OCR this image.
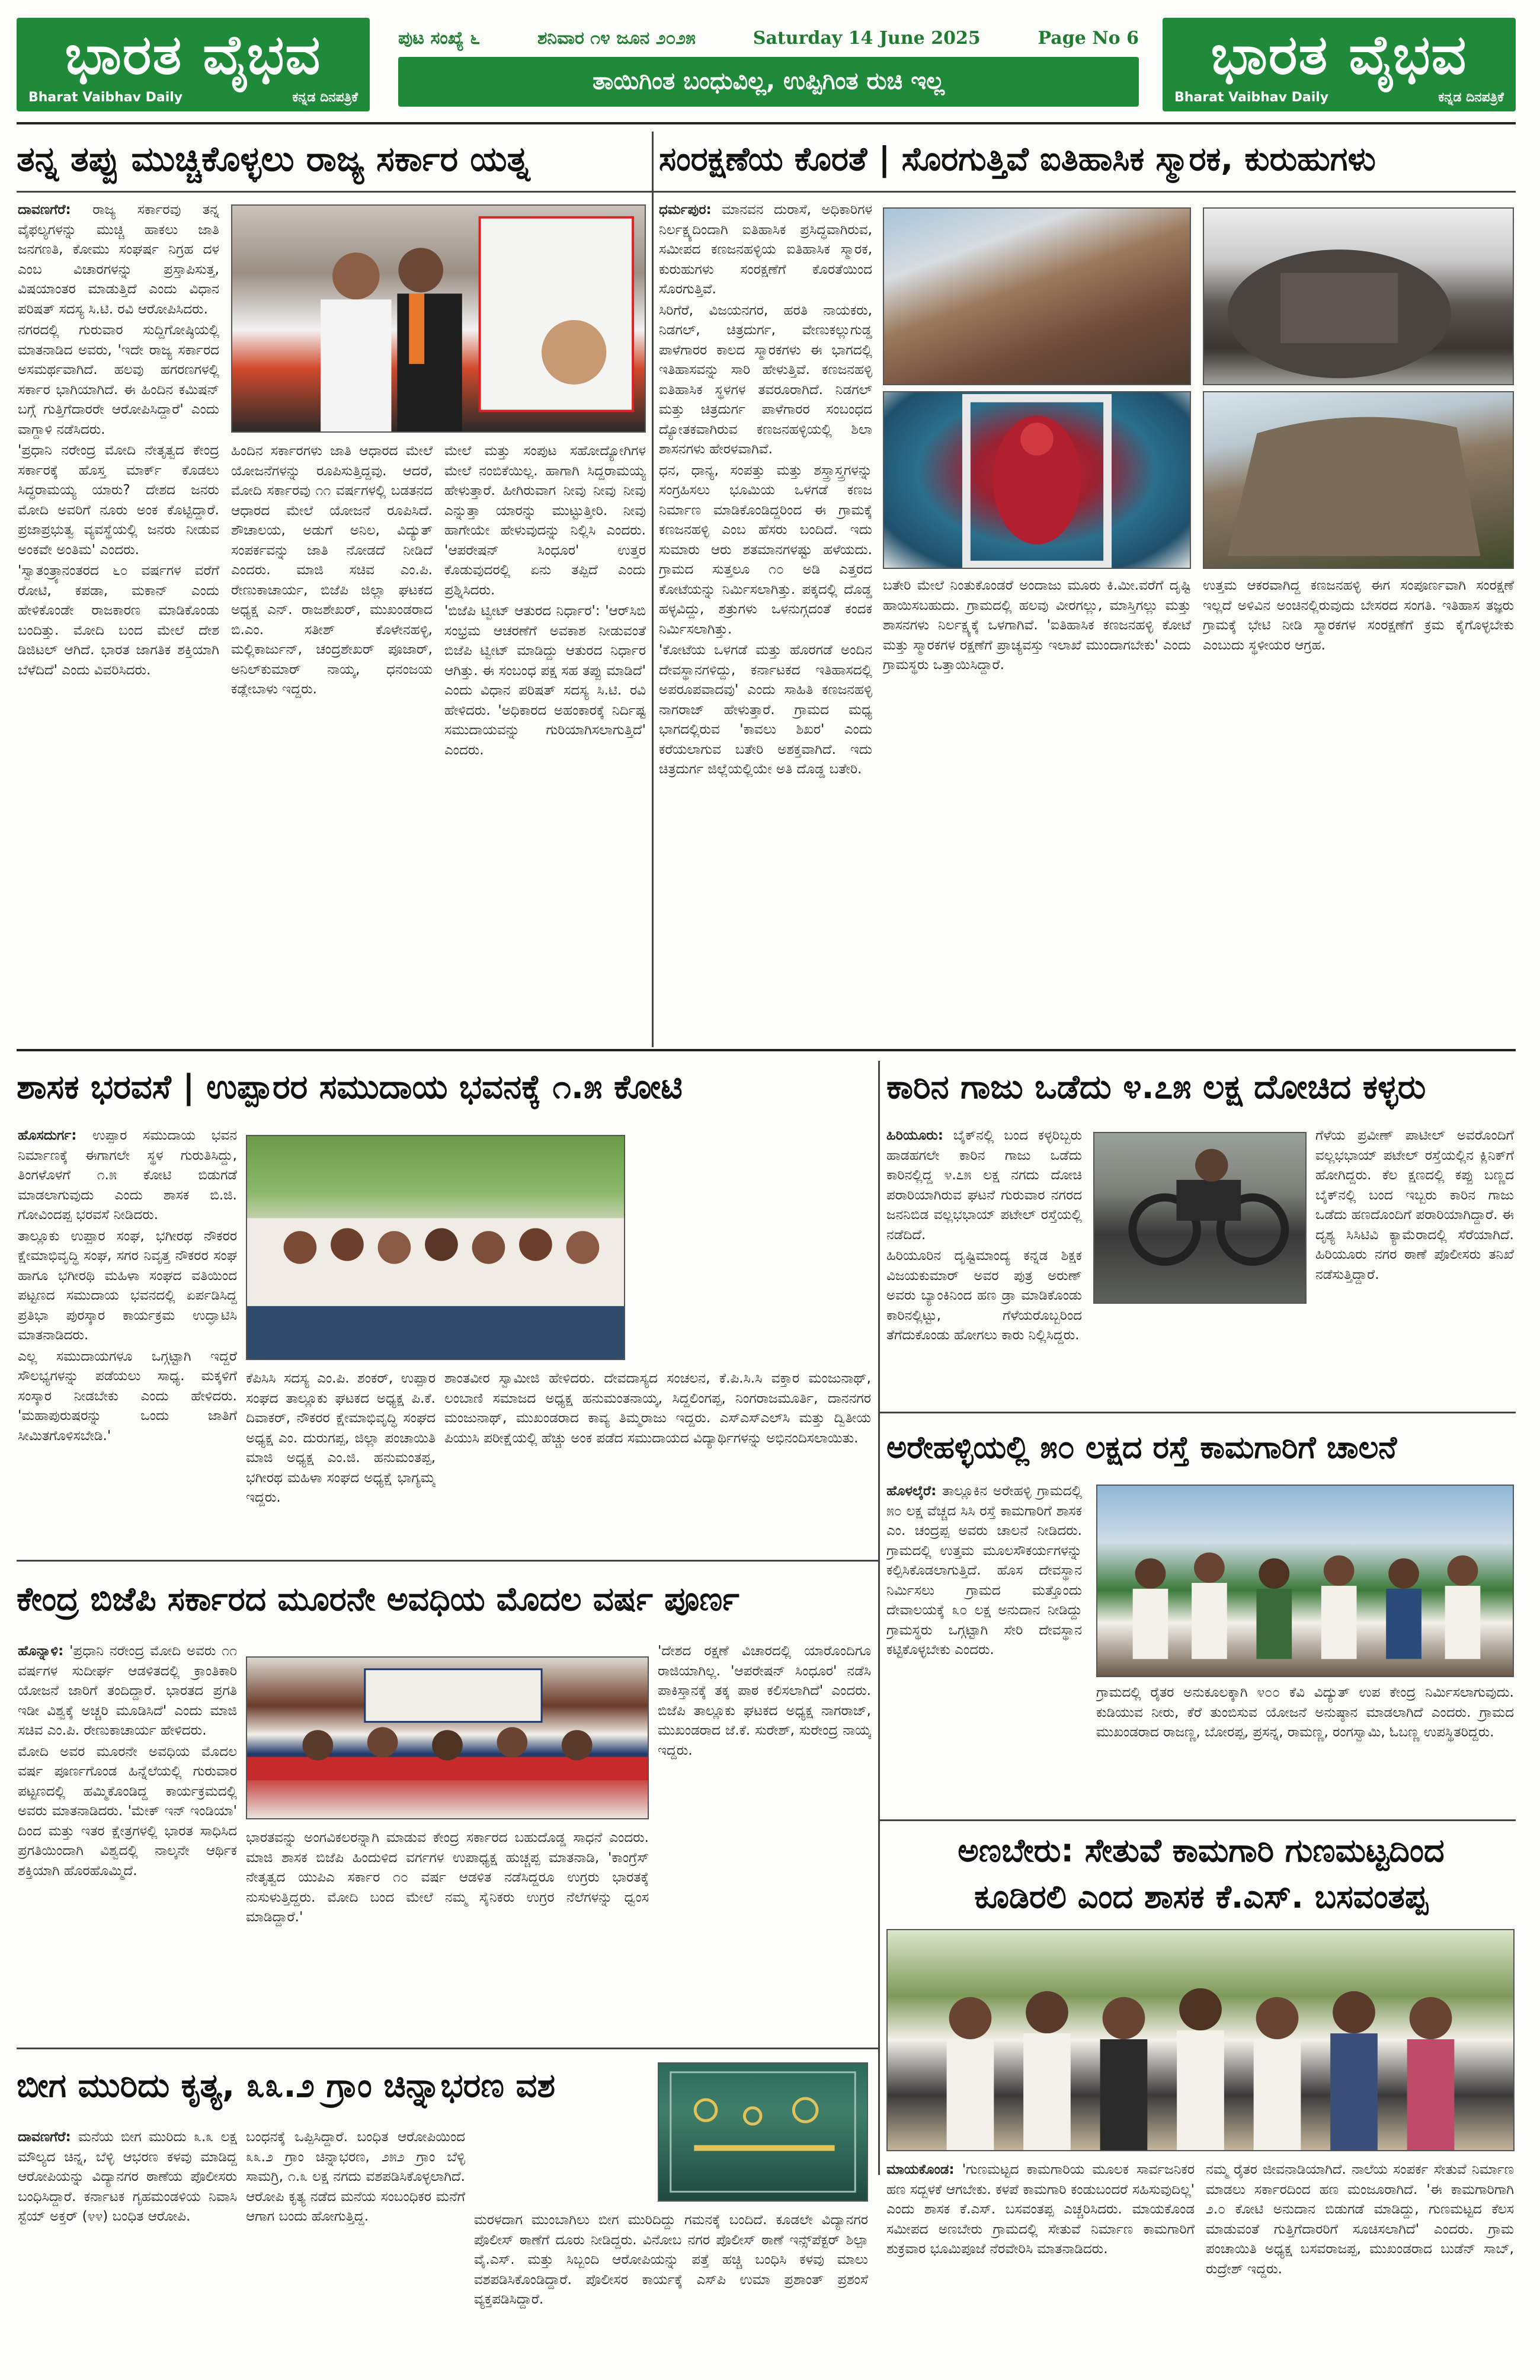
ಭಾರತ ವೈಭವ
Bharat Vaibhav Daily	ಕನ್ನಡ ದಿನಪತ್ರಿಕೆ
ಪುಟ ಸಂಖ್ಯೆ ೬	ಶನಿವಾರ ೧೪ ಜೂನ ೨೦೨೫	Saturday 14 June 2025	Page No 6
ತಾಯಿಗಿಂತ ಬಂಧುವಿಲ್ಲ, ಉಪ್ಪಿಗಿಂತ ರುಚಿ ಇಲ್ಲ	ಭಾರತ ವೈಭವ
Bharat Vaibhav Daily	ಕನ್ನಡ ದಿನಪತ್ರಿಕೆ
ತನ್ನ ತಪ್ಪು ಮುಚ್ಚಿಕೊಳ್ಳಲು ರಾಜ್ಯ ಸರ್ಕಾರ ಯತ್ನ	ಸಂರಕ್ಷಣೆಯ ಕೊರತೆ | ಸೊರಗುತ್ತಿವೆ ಐತಿಹಾಸಿಕ ಸ್ಮಾರಕ, ಕುರುಹುಗಳು

ದಾವಣಗೆರೆ: ರಾಜ್ಯ ಸರ್ಕಾರವು ತನ್ನ ವೈಫಲ್ಯಗಳನ್ನು ಮುಚ್ಚಿ ಹಾಕಲು ಜಾತಿ ಜನಗಣತಿ, ಕೋಮು ಸಂಘರ್ಷ ನಿಗ್ರಹ ದಳ ಎಂಬ ವಿಚಾರಗಳನ್ನು ಪ್ರಸ್ತಾಪಿಸುತ್ತ, ವಿಷಯಾಂತರ ಮಾಡುತ್ತಿದೆ ಎಂದು ವಿಧಾನ ಪರಿಷತ್ ಸದಸ್ಯ ಸಿ.ಟಿ. ರವಿ ಆರೋಪಿಸಿದರು.

ನಗರದಲ್ಲಿ ಗುರುವಾರ ಸುದ್ದಿಗೋಷ್ಠಿಯಲ್ಲಿ ಮಾತನಾಡಿದ ಅವರು, 'ಇದೇ ರಾಜ್ಯ ಸರ್ಕಾರದ ಅಸಮರ್ಥವಾಗಿದೆ. ಹಲವು ಹಗರಣಗಳಲ್ಲಿ ಸರ್ಕಾರ ಭಾಗಿಯಾಗಿದೆ. ಈ ಹಿಂದಿನ ಕಮಿಷನ್ ಬಗ್ಗೆ ಗುತ್ತಿಗೆದಾರರೇ ಆರೋಪಿಸಿದ್ದಾರೆ' ಎಂದು ವಾಗ್ದಾಳಿ ನಡೆಸಿದರು.

'ಪ್ರಧಾನಿ ನರೇಂದ್ರ ಮೋದಿ ನೇತೃತ್ವದ ಕೇಂದ್ರ ಸರ್ಕಾರಕ್ಕೆ ಹೊಸ್ತ ಮಾರ್ಕ್ ಕೊಡಲು ಸಿದ್ಧರಾಮಯ್ಯ ಯಾರು? ದೇಶದ ಜನರು ಮೋದಿ ಅವರಿಗೆ ನೂರು ಅಂಕ ಕೊಟ್ಟಿದ್ದಾರೆ. ಪ್ರಜಾಪ್ರಭುತ್ವ ವ್ಯವಸ್ಥೆಯಲ್ಲಿ ಜನರು ನೀಡುವ ಅಂಕವೇ ಅಂತಿಮ' ಎಂದರು.

'ಸ್ವಾತಂತ್ರ್ಯಾನಂತರದ ೬೦ ವರ್ಷಗಳ ವರೆಗೆ ರೋಟಿ, ಕಪಡಾ, ಮಕಾನ್ ಎಂದು ಹೇಳಿಕೊಂಡೇ ರಾಜಕಾರಣ ಮಾಡಿಕೊಂಡು ಬಂದಿತ್ತು. ಮೋದಿ ಬಂದ ಮೇಲೆ ದೇಶ ಡಿಜಿಟಲ್ ಆಗಿದೆ. ಭಾರತ ಜಾಗತಿಕ ಶಕ್ತಿಯಾಗಿ ಬೆಳೆದಿದೆ' ಎಂದು ವಿವರಿಸಿದರು.

ಹಿಂದಿನ ಸರ್ಕಾರಗಳು ಜಾತಿ ಆಧಾರದ ಮೇಲೆ ಯೋಜನೆಗಳನ್ನು ರೂಪಿಸುತ್ತಿದ್ದವು. ಆದರೆ, ಮೋದಿ ಸರ್ಕಾರವು ೧೧ ವರ್ಷಗಳಲ್ಲಿ ಬಡತನದ ಆಧಾರದ ಮೇಲೆ ಯೋಜನೆ ರೂಪಿಸಿದೆ. ಶೌಚಾಲಯ, ಅಡುಗೆ ಅನಿಲ, ವಿದ್ಯುತ್ ಸಂಪರ್ಕವನ್ನು ಜಾತಿ ನೋಡದೆ ನೀಡಿದೆ ಎಂದರು. ಮಾಜಿ ಸಚಿವ ಎಂ.ಪಿ. ರೇಣುಕಾಚಾರ್ಯ, ಬಿಜೆಪಿ ಜಿಲ್ಲಾ ಘಟಕದ ಅಧ್ಯಕ್ಷ ಎನ್. ರಾಜಶೇಖರ್, ಮುಖಂಡರಾದ ಬಿ.ಎಂ. ಸತೀಶ್ ಕೊಳೇನಹಳ್ಳಿ, ಮಲ್ಲಿಕಾರ್ಜುನ್, ಚಂದ್ರಶೇಖರ್ ಪೂಜಾರ್, ಅನಿಲ್‌ಕುಮಾರ್ ನಾಯ್ಕ, ಧನಂಜಯ ಕಡ್ಲೇಬಾಳು ಇದ್ದರು.

ಮೇಲೆ ಮತ್ತು ಸಂಪುಟ ಸಹೋದ್ಯೋಗಿಗಳ ಮೇಲೆ ನಂಬಿಕೆಯಿಲ್ಲ. ಹಾಗಾಗಿ ಸಿದ್ದರಾಮಯ್ಯ ಹೇಳುತ್ತಾರೆ. ಹೀಗಿರುವಾಗ ನೀವು ನೀವು ನೀವು ಎನ್ನುತ್ತಾ ಯಾರನ್ನು ಮುಟ್ಟುತ್ತೀರಿ. ನೀವು ಹಾಗೇಯೇ ಹೇಳುವುದನ್ನು ನಿಲ್ಲಿಸಿ ಎಂದರು. 'ಆಪರೇಷನ್ ಸಿಂಧೂರ' ಉತ್ತರ ಕೊಡುವುದರಲ್ಲಿ ಏನು ತಪ್ಪಿದೆ ಎಂದು ಪ್ರಶ್ನಿಸಿದರು.

'ಬಿಜೆಪಿ ಟ್ವೀಟ್ ಆತುರದ ನಿರ್ಧಾರ': 'ಆರ್‌ಸಿಬಿ ಸಂಭ್ರಮ ಆಚರಣೆಗೆ ಅವಕಾಶ ನೀಡುವಂತೆ ಬಿಜೆಪಿ ಟ್ವೀಟ್ ಮಾಡಿದ್ದು ಆತುರದ ನಿರ್ಧಾರ ಆಗಿತ್ತು. ಈ ಸಂಬಂಧ ಪಕ್ಷ ಸಹ ತಪ್ಪು ಮಾಡಿದೆ' ಎಂದು ವಿಧಾನ ಪರಿಷತ್ ಸದಸ್ಯ ಸಿ.ಟಿ. ರವಿ ಹೇಳಿದರು. 'ಅಧಿಕಾರದ ಅಹಂಕಾರಕ್ಕೆ ನಿರ್ದಿಷ್ಟ ಸಮುದಾಯವನ್ನು ಗುರಿಯಾಗಿಸಲಾಗುತ್ತಿದೆ' ಎಂದರು.

ಧರ್ಮಪುರ: ಮಾನವನ ದುರಾಸೆ, ಅಧಿಕಾರಿಗಳ ನಿರ್ಲಕ್ಷ್ಯದಿಂದಾಗಿ ಐತಿಹಾಸಿಕ ಪ್ರಸಿದ್ಧವಾಗಿರುವ, ಸಮೀಪದ ಕಣಜನಹಳ್ಳಿಯ ಐತಿಹಾಸಿಕ ಸ್ಮಾರಕ, ಕುರುಹುಗಳು ಸಂರಕ್ಷಣೆಗೆ ಕೊರತೆಯಿಂದ ಸೊರಗುತ್ತಿವೆ.

ಸಿರಿಗೆರೆ, ವಿಜಯನಗರ, ಹರತಿ ನಾಯಕರು, ನಿಡಗಲ್, ಚಿತ್ರದುರ್ಗ, ವೇಣುಕಲ್ಲುಗುಡ್ಡ ಪಾಳೆಗಾರರ ಕಾಲದ ಸ್ಮಾರಕಗಳು ಈ ಭಾಗದಲ್ಲಿ ಇತಿಹಾಸವನ್ನು ಸಾರಿ ಹೇಳುತ್ತಿವೆ. ಕಣಜನಹಳ್ಳಿ ಐತಿಹಾಸಿಕ ಸ್ಥಳಗಳ ತವರೂರಾಗಿದೆ. ನಿಡಗಲ್ ಮತ್ತು ಚಿತ್ರದುರ್ಗ ಪಾಳೆಗಾರರ ಸಂಬಂಧದ ದ್ಯೋತಕವಾಗಿರುವ ಕಣಜನಹಳ್ಳಿಯಲ್ಲಿ ಶಿಲಾ ಶಾಸನಗಳು ಹೇರಳವಾಗಿವೆ.

ಧನ, ಧಾನ್ಯ, ಸಂಪತ್ತು ಮತ್ತು ಶಸ್ತ್ರಾಸ್ತ್ರಗಳನ್ನು ಸಂಗ್ರಹಿಸಲು ಭೂಮಿಯ ಒಳಗಡೆ ಕಣಜ ನಿರ್ಮಾಣ ಮಾಡಿಕೊಂಡಿದ್ದರಿಂದ ಈ ಗ್ರಾಮಕ್ಕೆ ಕಣಜನಹಳ್ಳಿ ಎಂಬ ಹೆಸರು ಬಂದಿದೆ. ಇದು ಸುಮಾರು ಆರು ಶತಮಾನಗಳಷ್ಟು ಹಳೆಯದು. ಗ್ರಾಮದ ಸುತ್ತಲೂ ೧೦ ಅಡಿ ಎತ್ತರದ ಕೋಟೆಯನ್ನು ನಿರ್ಮಿಸಲಾಗಿತ್ತು. ಪಕ್ಕದಲ್ಲಿ ದೊಡ್ಡ ಹಳ್ಳವಿದ್ದು, ಶತ್ರುಗಳು ಒಳನುಗ್ಗದಂತೆ ಕಂದಕ ನಿರ್ಮಿಸಲಾಗಿತ್ತು.

'ಕೋಟೆಯ ಒಳಗಡೆ ಮತ್ತು ಹೊರಗಡೆ ಅಂದಿನ ದೇವಸ್ಥಾನಗಳಿದ್ದು, ಕರ್ನಾಟಕದ ಇತಿಹಾಸದಲ್ಲಿ ಅಪರೂಪವಾದವು' ಎಂದು ಸಾಹಿತಿ ಕಣಜನಹಳ್ಳಿ ನಾಗರಾಜ್ ಹೇಳುತ್ತಾರೆ. ಗ್ರಾಮದ ಮಧ್ಯ ಭಾಗದಲ್ಲಿರುವ 'ಕಾವಲು ಶಿಖರ' ಎಂದು ಕರೆಯಲಾಗುವ ಬತೇರಿ ಅಶಕ್ತವಾಗಿದೆ. ಇದು ಚಿತ್ರದುರ್ಗ ಜಿಲ್ಲೆಯಲ್ಲಿಯೇ ಅತಿ ದೊಡ್ಡ ಬತೇರಿ.

ಬತೇರಿ ಮೇಲೆ ನಿಂತುಕೊಂಡರೆ ಅಂದಾಜು ಮೂರು ಕಿ.ಮೀ.ವರೆಗೆ ದೃಷ್ಟಿ ಹಾಯಿಸಬಹುದು. ಗ್ರಾಮದಲ್ಲಿ ಹಲವು ವೀರಗಲ್ಲು, ಮಾಸ್ತಿಗಲ್ಲು ಮತ್ತು ಶಾಸನಗಳು ನಿರ್ಲಕ್ಷ್ಯಕ್ಕೆ ಒಳಗಾಗಿವೆ. 'ಐತಿಹಾಸಿಕ ಕಣಜನಹಳ್ಳಿ ಕೋಟೆ ಮತ್ತು ಸ್ಮಾರಕಗಳ ರಕ್ಷಣೆಗೆ ಪ್ರಾಚ್ಯವಸ್ತು ಇಲಾಖೆ ಮುಂದಾಗಬೇಕು' ಎಂದು ಗ್ರಾಮಸ್ಥರು ಒತ್ತಾಯಿಸಿದ್ದಾರೆ.

ಉತ್ತಮ ಆಕರವಾಗಿದ್ದ ಕಣಜನಹಳ್ಳಿ ಈಗ ಸಂಪೂರ್ಣವಾಗಿ ಸಂರಕ್ಷಣೆ ಇಲ್ಲದೆ ಅಳಿವಿನ ಅಂಚಿನಲ್ಲಿರುವುದು ಬೇಸರದ ಸಂಗತಿ. ಇತಿಹಾಸ ತಜ್ಞರು ಗ್ರಾಮಕ್ಕೆ ಭೇಟಿ ನೀಡಿ ಸ್ಮಾರಕಗಳ ಸಂರಕ್ಷಣೆಗೆ ಕ್ರಮ ಕೈಗೊಳ್ಳಬೇಕು ಎಂಬುದು ಸ್ಥಳೀಯರ ಆಗ್ರಹ.

ಶಾಸಕ ಭರವಸೆ | ಉಪ್ಪಾರರ ಸಮುದಾಯ ಭವನಕ್ಕೆ ೧.೫ ಕೋಟಿ

ಹೊಸದುರ್ಗ: ಉಪ್ಪಾರ ಸಮುದಾಯ ಭವನ ನಿರ್ಮಾಣಕ್ಕೆ ಈಗಾಗಲೇ ಸ್ಥಳ ಗುರುತಿಸಿದ್ದು, ತಿಂಗಳೊಳಗೆ ೧.೫ ಕೋಟಿ ಬಿಡುಗಡೆ ಮಾಡಲಾಗುವುದು ಎಂದು ಶಾಸಕ ಬಿ.ಜಿ. ಗೋವಿಂದಪ್ಪ ಭರವಸೆ ನೀಡಿದರು.

ತಾಲ್ಲೂಕು ಉಪ್ಪಾರ ಸಂಘ, ಭಗೀರಥ ನೌಕರರ ಕ್ಷೇಮಾಭಿವೃದ್ಧಿ ಸಂಘ, ಸಗರ ನಿವೃತ್ತ ನೌಕರರ ಸಂಘ ಹಾಗೂ ಭಗೀರಥಿ ಮಹಿಳಾ ಸಂಘದ ವತಿಯಿಂದ ಪಟ್ಟಣದ ಸಮುದಾಯ ಭವನದಲ್ಲಿ ಏರ್ಪಡಿಸಿದ್ದ ಪ್ರತಿಭಾ ಪುರಸ್ಕಾರ ಕಾರ್ಯಕ್ರಮ ಉದ್ಘಾಟಿಸಿ ಮಾತನಾಡಿದರು.

ಎಲ್ಲ ಸಮುದಾಯಗಳೂ ಒಗ್ಗಟ್ಟಾಗಿ ಇದ್ದರೆ ಸೌಲಭ್ಯಗಳನ್ನು ಪಡೆಯಲು ಸಾಧ್ಯ. ಮಕ್ಕಳಿಗೆ ಸಂಸ್ಕಾರ ನೀಡಬೇಕು ಎಂದು ಹೇಳಿದರು. 'ಮಹಾಪುರುಷರನ್ನು ಒಂದು ಜಾತಿಗೆ ಸೀಮಿತಗೊಳಿಸಬೇಡಿ.'

ಕೆಪಿಸಿಸಿ ಸದಸ್ಯ ಎಂ.ಪಿ. ಶಂಕರ್, ಉಪ್ಪಾರ ಸಂಘದ ತಾಲ್ಲೂಕು ಘಟಕದ ಅಧ್ಯಕ್ಷ ಪಿ.ಕೆ. ದಿವಾಕರ್, ನೌಕರರ ಕ್ಷೇಮಾಭಿವೃದ್ಧಿ ಸಂಘದ ಅಧ್ಯಕ್ಷ ಎಂ. ದುರುಗಪ್ಪ, ಜಿಲ್ಲಾ ಪಂಚಾಯಿತಿ ಮಾಜಿ ಅಧ್ಯಕ್ಷ ಎಂ.ಜಿ. ಹನುಮಂತಪ್ಪ, ಭಗೀರಥ ಮಹಿಳಾ ಸಂಘದ ಅಧ್ಯಕ್ಷೆ ಭಾಗ್ಯಮ್ಮ ಇದ್ದರು.

ಶಾಂತವೀರ ಸ್ವಾಮೀಜಿ ಹೇಳಿದರು. ದೇವದಾಸ್ಯದ ಸಂಚಲನ, ಕೆ.ಪಿ.ಸಿ.ಸಿ ವಕ್ತಾರ ಮಂಜುನಾಥ್, ಲಂಬಾಣಿ ಸಮಾಜದ ಅಧ್ಯಕ್ಷ ಹನುಮಂತನಾಯ್ಕ, ಸಿದ್ದಲಿಂಗಪ್ಪ, ನಿಂಗರಾಜಮೂರ್ತಿ, ದಾನನಗರ ಮಂಜುನಾಥ್, ಮುಖಂಡರಾದ ಕಾವ್ಯ ತಿಮ್ಮರಾಜು ಇದ್ದರು. ಎಸ್‌ಎಸ್‌ಎಲ್‌ಸಿ ಮತ್ತು ದ್ವಿತೀಯ ಪಿಯುಸಿ ಪರೀಕ್ಷೆಯಲ್ಲಿ ಹೆಚ್ಚು ಅಂಕ ಪಡೆದ ಸಮುದಾಯದ ವಿದ್ಯಾರ್ಥಿಗಳನ್ನು ಅಭಿನಂದಿಸಲಾಯಿತು.

ಕೇಂದ್ರ ಬಿಜೆಪಿ ಸರ್ಕಾರದ ಮೂರನೇ ಅವಧಿಯ ಮೊದಲ ವರ್ಷ ಪೂರ್ಣ

ಹೊನ್ನಾಳಿ: 'ಪ್ರಧಾನಿ ನರೇಂದ್ರ ಮೋದಿ ಅವರು ೧೧ ವರ್ಷಗಳ ಸುದೀರ್ಘ ಆಡಳಿತದಲ್ಲಿ ಕ್ರಾಂತಿಕಾರಿ ಯೋಜನೆ ಜಾರಿಗೆ ತಂದಿದ್ದಾರೆ. ಭಾರತದ ಪ್ರಗತಿ ಇಡೀ ವಿಶ್ವಕ್ಕೆ ಅಚ್ಚರಿ ಮೂಡಿಸಿದೆ' ಎಂದು ಮಾಜಿ ಸಚಿವ ಎಂ.ಪಿ. ರೇಣುಕಾಚಾರ್ಯ ಹೇಳಿದರು.

ಮೋದಿ ಅವರ ಮೂರನೇ ಅವಧಿಯ ಮೊದಲ ವರ್ಷ ಪೂರ್ಣಗೊಂಡ ಹಿನ್ನೆಲೆಯಲ್ಲಿ ಗುರುವಾರ ಪಟ್ಟಣದಲ್ಲಿ ಹಮ್ಮಿಕೊಂಡಿದ್ದ ಕಾರ್ಯಕ್ರಮದಲ್ಲಿ ಅವರು ಮಾತನಾಡಿದರು. 'ಮೇಕ್ ಇನ್ ಇಂಡಿಯಾ' ದಿಂದ ಮತ್ತು ಇತರ ಕ್ಷೇತ್ರಗಳಲ್ಲಿ ಭಾರತ ಸಾಧಿಸಿದ ಪ್ರಗತಿಯಿಂದಾಗಿ ವಿಶ್ವದಲ್ಲಿ ನಾಲ್ಕನೇ ಆರ್ಥಿಕ ಶಕ್ತಿಯಾಗಿ ಹೊರಹೊಮ್ಮಿದೆ.

ಭಾರತವನ್ನು ಅಂಗವಿಕಲರನ್ನಾಗಿ ಮಾಡುವ ಕೇಂದ್ರ ಸರ್ಕಾರದ ಬಹುದೊಡ್ಡ ಸಾಧನೆ ಎಂದರು. ಮಾಜಿ ಶಾಸಕ ಬಿಜೆಪಿ ಹಿಂದುಳಿದ ವರ್ಗಗಳ ಉಪಾಧ್ಯಕ್ಷ ಹುಚ್ಚಪ್ಪ ಮಾತನಾಡಿ, 'ಕಾಂಗ್ರೆಸ್ ನೇತೃತ್ವದ ಯುಪಿಎ ಸರ್ಕಾರ ೧೦ ವರ್ಷ ಆಡಳಿತ ನಡೆಸಿದ್ದರೂ ಉಗ್ರರು ಭಾರತಕ್ಕೆ ನುಸುಳುತ್ತಿದ್ದರು. ಮೋದಿ ಬಂದ ಮೇಲೆ ನಮ್ಮ ಸೈನಿಕರು ಉಗ್ರರ ನೆಲೆಗಳನ್ನು ಧ್ವಂಸ ಮಾಡಿದ್ದಾರೆ.'

'ದೇಶದ ರಕ್ಷಣೆ ವಿಚಾರದಲ್ಲಿ ಯಾರೊಂದಿಗೂ ರಾಜಿಯಾಗಿಲ್ಲ. 'ಆಪರೇಷನ್ ಸಿಂಧೂರ' ನಡೆಸಿ ಪಾಕಿಸ್ತಾನಕ್ಕೆ ತಕ್ಕ ಪಾಠ ಕಲಿಸಲಾಗಿದೆ' ಎಂದರು. ಬಿಜೆಪಿ ತಾಲ್ಲೂಕು ಘಟಕದ ಅಧ್ಯಕ್ಷ ನಾಗರಾಜ್, ಮುಖಂಡರಾದ ಜೆ.ಕೆ. ಸುರೇಶ್, ಸುರೇಂದ್ರ ನಾಯ್ಕ ಇದ್ದರು.

ಬೀಗ ಮುರಿದು ಕೃತ್ಯ, ೩೩.೨ ಗ್ರಾಂ ಚಿನ್ನಾಭರಣ ವಶ

ದಾವಣಗೆರೆ: ಮನೆಯ ಬೀಗ ಮುರಿದು ೩.೩ ಲಕ್ಷ ಮೌಲ್ಯದ ಚಿನ್ನ, ಬೆಳ್ಳಿ ಆಭರಣ ಕಳವು ಮಾಡಿದ್ದ ಆರೋಪಿಯನ್ನು ವಿದ್ಯಾನಗರ ಠಾಣೆಯ ಪೊಲೀಸರು ಬಂಧಿಸಿದ್ದಾರೆ. ಕರ್ನಾಟಕ ಗೃಹಮಂಡಳಿಯ ನಿವಾಸಿ ಸ್ಟೆಯ್ ಅಕ್ತರ್ (೪೪) ಬಂಧಿತ ಆರೋಪಿ.

ಬಂಧನಕ್ಕೆ ಒಪ್ಪಿಸಿದ್ದಾರೆ. ಬಂಧಿತ ಆರೋಪಿಯಿಂದ ೩೩.೨ ಗ್ರಾಂ ಚಿನ್ನಾಭರಣ, ೨೫೨ ಗ್ರಾಂ ಬೆಳ್ಳಿ ಸಾಮಗ್ರಿ, ೧.೩ ಲಕ್ಷ ನಗದು ವಶಪಡಿಸಿಕೊಳ್ಳಲಾಗಿದೆ. ಆರೋಪಿ ಕೃತ್ಯ ನಡೆದ ಮನೆಯ ಸಂಬಂಧಿಕರ ಮನೆಗೆ ಆಗಾಗ ಬಂದು ಹೋಗುತ್ತಿದ್ದ.	ಮರಳದಾಗ ಮುಂಬಾಗಿಲು ಬೀಗ ಮುರಿದಿದ್ದು ಗಮನಕ್ಕೆ ಬಂದಿದೆ. ಕೂಡಲೇ ವಿದ್ಯಾನಗರ ಪೊಲೀಸ್ ಠಾಣೆಗೆ ದೂರು ನೀಡಿದ್ದರು. ವಿನೋಬ ನಗರ ಪೊಲೀಸ್ ಠಾಣೆ ಇನ್ಸ್‌ಪೆಕ್ಟರ್ ಶಿಲ್ಪಾ ವೈ.ಎಸ್. ಮತ್ತು ಸಿಬ್ಬಂದಿ ಆರೋಪಿಯನ್ನು ಪತ್ತೆ ಹಚ್ಚಿ ಬಂಧಿಸಿ ಕಳವು ಮಾಲು ವಶಪಡಿಸಿಕೊಂಡಿದ್ದಾರೆ. ಪೊಲೀಸರ ಕಾರ್ಯಕ್ಕೆ ಎಸ್‌ಪಿ ಉಮಾ ಪ್ರಶಾಂತ್ ಪ್ರಶಂಸೆ ವ್ಯಕ್ತಪಡಿಸಿದ್ದಾರೆ.

ಕಾರಿನ ಗಾಜು ಒಡೆದು ೪.೭೫ ಲಕ್ಷ ದೋಚಿದ ಕಳ್ಳರು

ಹಿರಿಯೂರು: ಬೈಕ್‌ನಲ್ಲಿ ಬಂದ ಕಳ್ಳರಿಬ್ಬರು ಹಾಡಹಗಲೇ ಕಾರಿನ ಗಾಜು ಒಡೆದು ಕಾರಿನಲ್ಲಿದ್ದ ೪.೭೫ ಲಕ್ಷ ನಗದು ದೋಚಿ ಪರಾರಿಯಾಗಿರುವ ಘಟನೆ ಗುರುವಾರ ನಗರದ ಜನನಿಬಿಡ ವಲ್ಲಭಭಾಯ್ ಪಟೇಲ್ ರಸ್ತೆಯಲ್ಲಿ ನಡೆದಿದೆ.

ಹಿರಿಯೂರಿನ ದೃಷ್ಟಿಮಾಂದ್ಯ ಕನ್ನಡ ಶಿಕ್ಷಕ ವಿಜಯಕುಮಾರ್ ಅವರ ಪುತ್ರ ಅರುಣ್ ಅವರು ಬ್ಯಾಂಕಿನಿಂದ ಹಣ ಡ್ರಾ ಮಾಡಿಕೊಂಡು ಕಾರಿನಲ್ಲಿಟ್ಟು, ಗೆಳೆಯರೊಬ್ಬರಿಂದ ತೆಗೆದುಕೊಂಡು ಹೋಗಲು ಕಾರು ನಿಲ್ಲಿಸಿದ್ದರು.

ಗೆಳೆಯ ಪ್ರವೀಣ್ ಪಾಟೀಲ್ ಅವರೊಂದಿಗೆ ವಲ್ಲಭಭಾಯ್ ಪಟೇಲ್ ರಸ್ತೆಯಲ್ಲಿನ ಕ್ಲಿನಿಕ್‌ಗೆ ಹೋಗಿದ್ದರು. ಕೆಲ ಕ್ಷಣದಲ್ಲಿ ಕಪ್ಪು ಬಣ್ಣದ ಬೈಕ್‌ನಲ್ಲಿ ಬಂದ ಇಬ್ಬರು ಕಾರಿನ ಗಾಜು ಒಡೆದು ಹಣದೊಂದಿಗೆ ಪರಾರಿಯಾಗಿದ್ದಾರೆ. ಈ ದೃಶ್ಯ ಸಿಸಿಟಿವಿ ಕ್ಯಾಮೆರಾದಲ್ಲಿ ಸೆರೆಯಾಗಿದೆ. ಹಿರಿಯೂರು ನಗರ ಠಾಣೆ ಪೊಲೀಸರು ತನಿಖೆ ನಡೆಸುತ್ತಿದ್ದಾರೆ.

ಅರೇಹಳ್ಳಿಯಲ್ಲಿ ೫೦ ಲಕ್ಷದ ರಸ್ತೆ ಕಾಮಗಾರಿಗೆ ಚಾಲನೆ

ಹೊಳಲ್ಕೆರೆ: ತಾಲ್ಲೂಕಿನ ಅರೇಹಳ್ಳಿ ಗ್ರಾಮದಲ್ಲಿ ೫೦ ಲಕ್ಷ ವೆಚ್ಚದ ಸಿಸಿ ರಸ್ತೆ ಕಾಮಗಾರಿಗೆ ಶಾಸಕ ಎಂ. ಚಂದ್ರಪ್ಪ ಅವರು ಚಾಲನೆ ನೀಡಿದರು. ಗ್ರಾಮದಲ್ಲಿ ಉತ್ತಮ ಮೂಲಸೌಕರ್ಯಗಳನ್ನು ಕಲ್ಪಿಸಿಕೊಡಲಾಗುತ್ತಿದೆ. ಹೊಸ ದೇವಸ್ಥಾನ ನಿರ್ಮಿಸಲು ಗ್ರಾಮದ ಮತ್ತೊಂದು ದೇವಾಲಯಕ್ಕೆ ೩೦ ಲಕ್ಷ ಅನುದಾನ ನೀಡಿದ್ದು ಗ್ರಾಮಸ್ಥರು ಒಗ್ಗಟ್ಟಾಗಿ ಸೇರಿ ದೇವಸ್ಥಾನ ಕಟ್ಟಿಕೊಳ್ಳಬೇಕು ಎಂದರು.

ಗ್ರಾಮದಲ್ಲಿ ರೈತರ ಅನುಕೂಲಕ್ಕಾಗಿ ೪೦೦ ಕೆವಿ ವಿದ್ಯುತ್ ಉಪ ಕೇಂದ್ರ ನಿರ್ಮಿಸಲಾಗುವುದು. ಕುಡಿಯುವ ನೀರು, ಕೆರೆ ತುಂಬಿಸುವ ಯೋಜನೆ ಅನುಷ್ಠಾನ ಮಾಡಲಾಗಿದೆ ಎಂದರು. ಗ್ರಾಮದ ಮುಖಂಡರಾದ ರಾಜಣ್ಣ, ಬೋರಪ್ಪ, ಪ್ರಸನ್ನ, ರಾಮಣ್ಣ, ರಂಗಸ್ವಾಮಿ, ಓಬಣ್ಣ ಉಪಸ್ಥಿತರಿದ್ದರು.

ಅಣಬೇರು: ಸೇತುವೆ ಕಾಮಗಾರಿ ಗುಣಮಟ್ಟದಿಂದ
ಕೂಡಿರಲಿ ಎಂದ ಶಾಸಕ ಕೆ.ಎಸ್. ಬಸವಂತಪ್ಪ

ಮಾಯಕೊಂಡ: 'ಗುಣಮಟ್ಟದ ಕಾಮಗಾರಿಯ ಮೂಲಕ ಸಾರ್ವಜನಿಕರ ಹಣ ಸದ್ಬಳಕೆ ಆಗಬೇಕು. ಕಳಪೆ ಕಾಮಗಾರಿ ಕಂಡುಬಂದರೆ ಸಹಿಸುವುದಿಲ್ಲ' ಎಂದು ಶಾಸಕ ಕೆ.ಎಸ್. ಬಸವಂತಪ್ಪ ಎಚ್ಚರಿಸಿದರು. ಮಾಯಕೊಂಡ ಸಮೀಪದ ಅಣಬೇರು ಗ್ರಾಮದಲ್ಲಿ ಸೇತುವೆ ನಿರ್ಮಾಣ ಕಾಮಗಾರಿಗೆ ಶುಕ್ರವಾರ ಭೂಮಿಪೂಜೆ ನೆರವೇರಿಸಿ ಮಾತನಾಡಿದರು.

ನಮ್ಮ ರೈತರ ಜೀವನಾಡಿಯಾಗಿದೆ. ನಾಲೆಯ ಸಂಪರ್ಕ ಸೇತುವೆ ನಿರ್ಮಾಣ ಮಾಡಲು ಸರ್ಕಾರದಿಂದ ಹಣ ಮಂಜೂರಾಗಿದೆ. 'ಈ ಕಾಮಗಾರಿಗಾಗಿ ೨.೦ ಕೋಟಿ ಅನುದಾನ ಬಿಡುಗಡೆ ಮಾಡಿದ್ದು, ಗುಣಮಟ್ಟದ ಕೆಲಸ ಮಾಡುವಂತೆ ಗುತ್ತಿಗೆದಾರರಿಗೆ ಸೂಚಿಸಲಾಗಿದೆ' ಎಂದರು. ಗ್ರಾಮ ಪಂಚಾಯಿತಿ ಅಧ್ಯಕ್ಷ ಬಸವರಾಜಪ್ಪ, ಮುಖಂಡರಾದ ಬುಡೆನ್ ಸಾಬ್, ರುದ್ರೇಶ್ ಇದ್ದರು.
